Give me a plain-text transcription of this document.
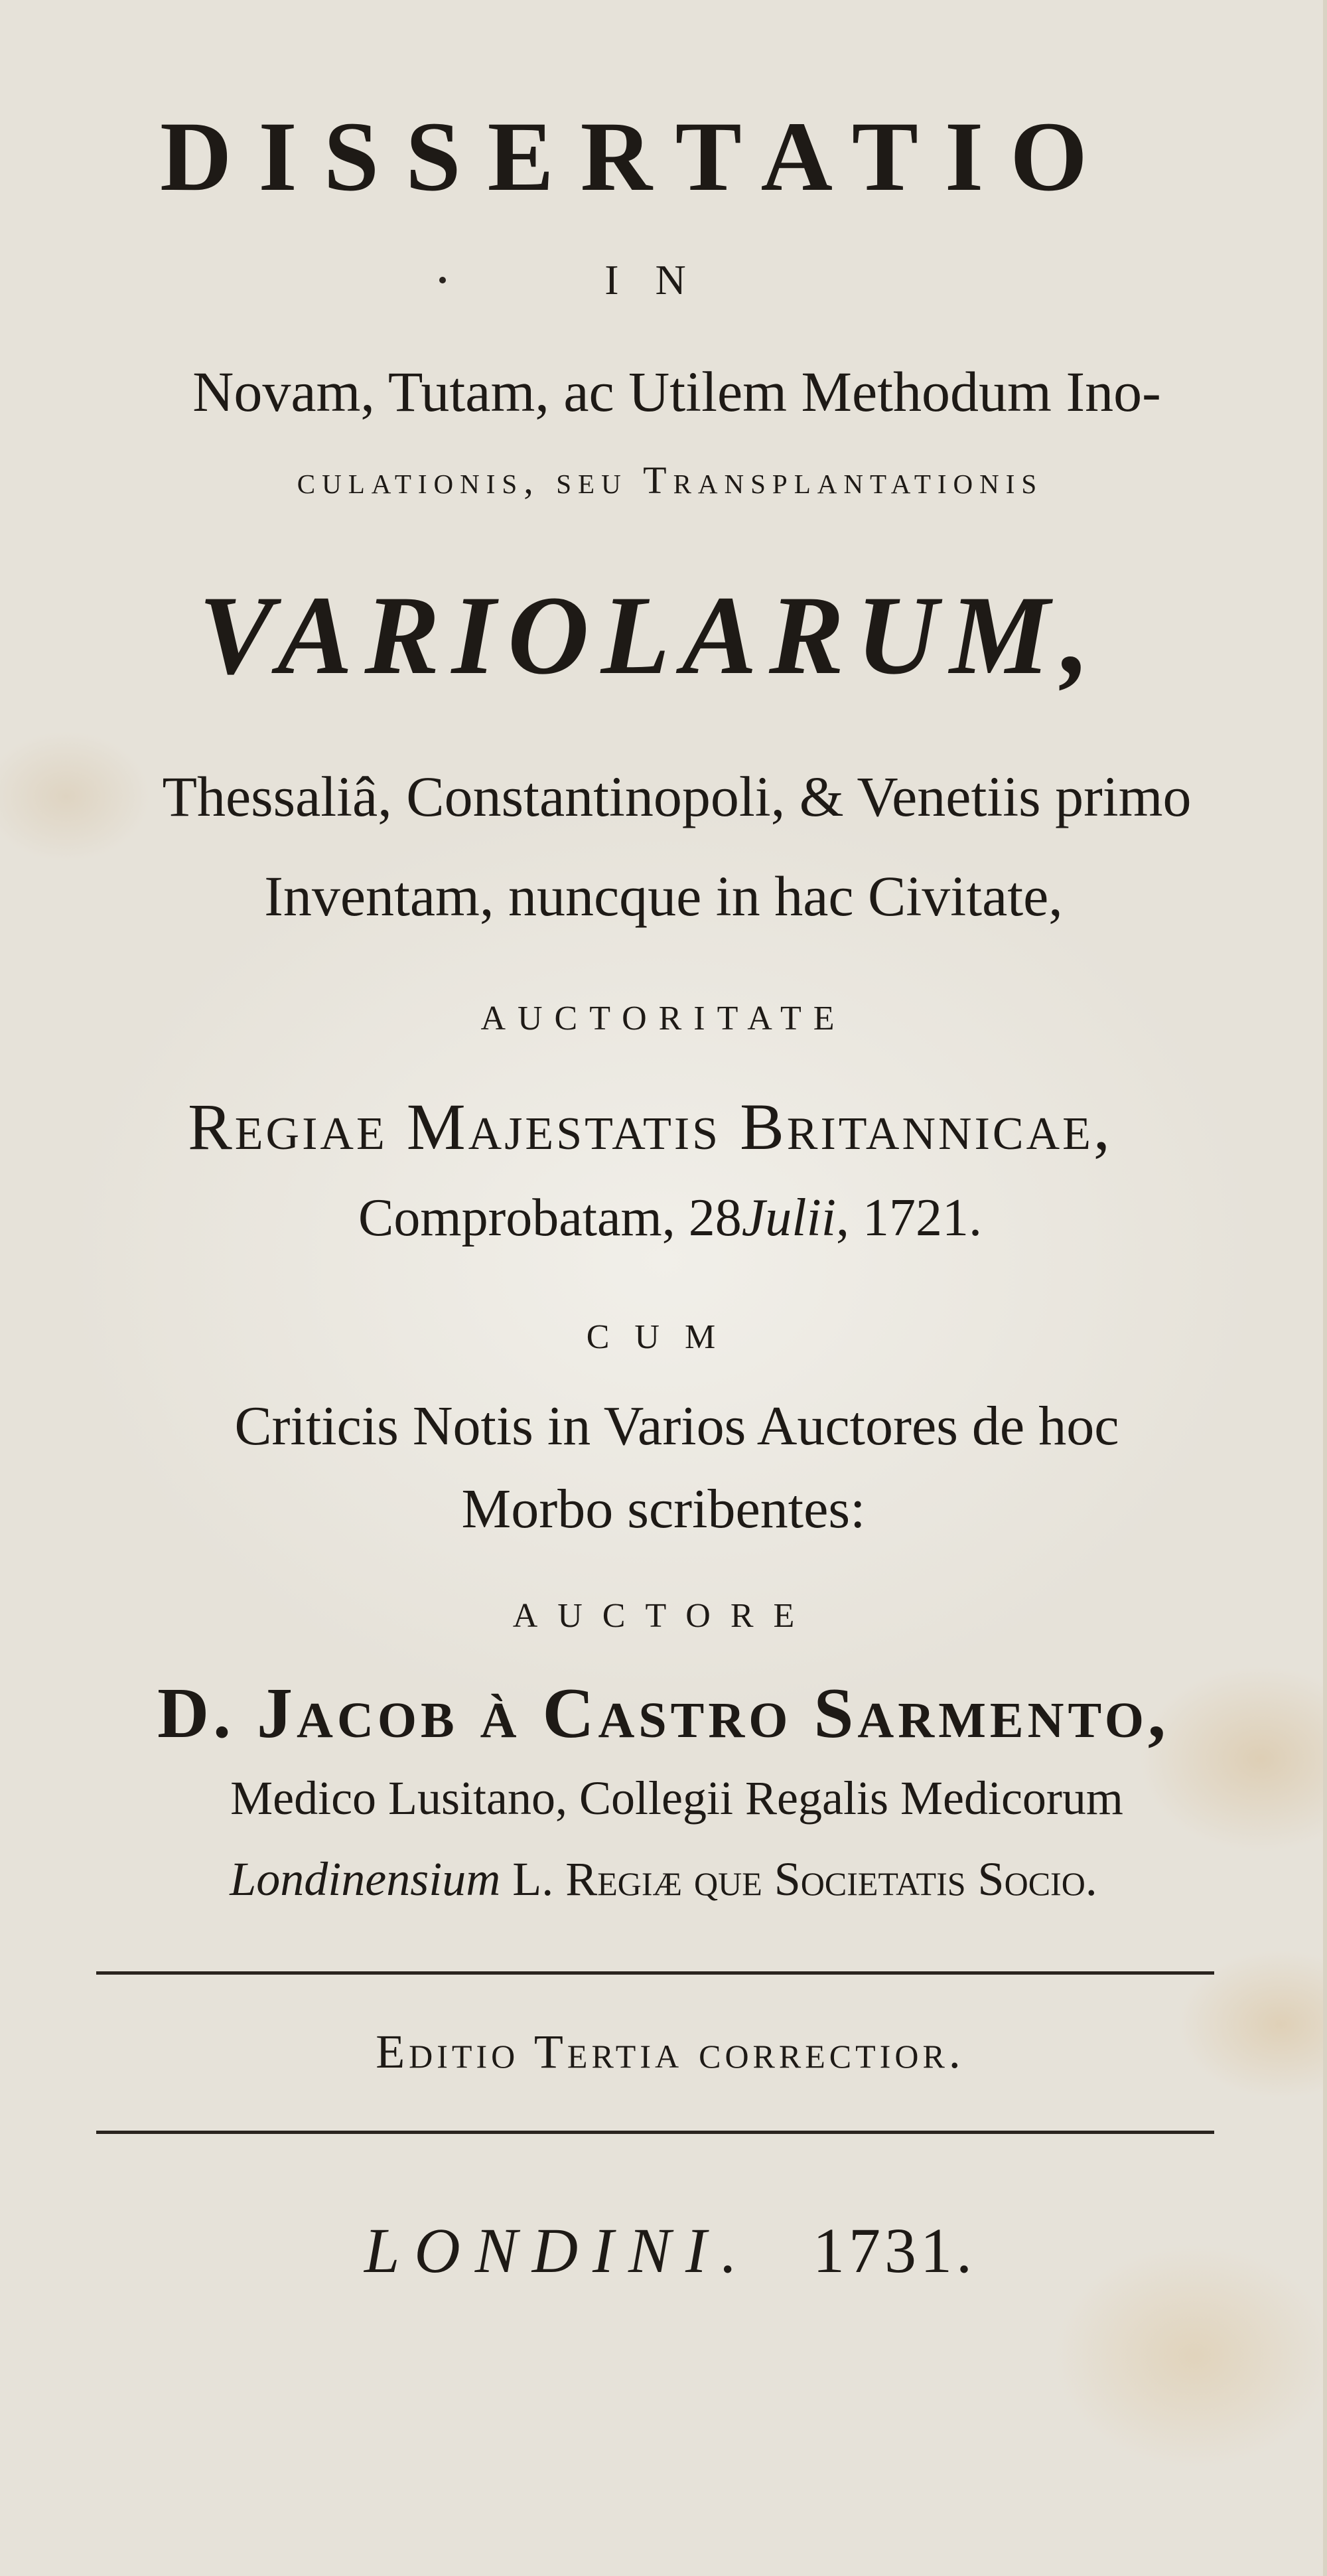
DISSERTATIO
IN
Novam, Tutam, ac Utilem Methodum Ino-
culationis, seu Transplantationis
VARIOLARUM,
Thessaliâ, Constantinopoli, & Venetiis primo
Inventam, nuncque in hac Civitate,
AUCTORITATE
Regiae Majestatis Britannicae,
Comprobatam, 28Julii, 1721.
CUM
Criticis Notis in Varios Auctores de hoc
Morbo scribentes:
AUCTORE
D. Jacob à Castro Sarmento,
Medico Lusitano, Collegii Regalis Medicorum
Londinensium L. Regiæ que Societatis Socio.
Editio Tertia correctior.
LONDINI. 1731.
